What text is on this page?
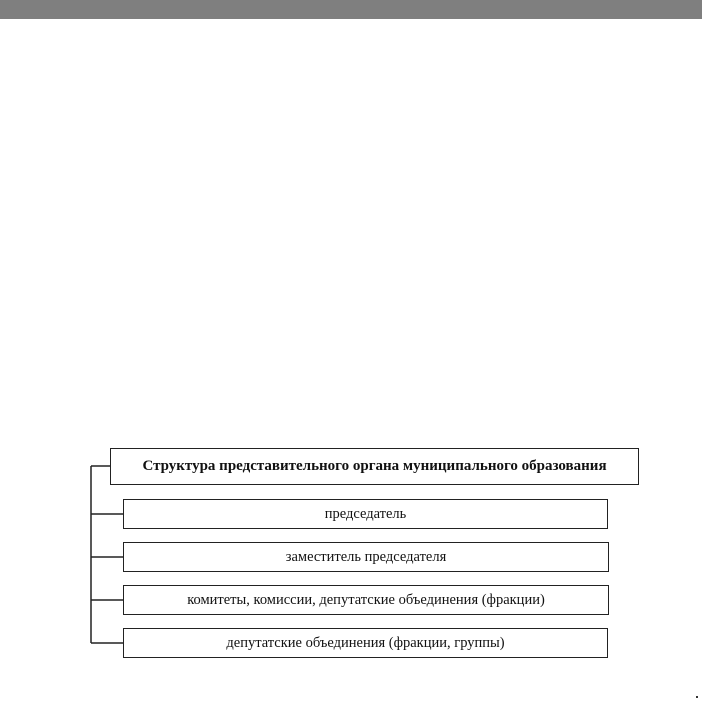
Структура представительного органа муниципального образования
председатель
заместитель председателя
комитеты, комиссии, депутатские объединения (фракции)
депутатские объединения (фракции, группы)
